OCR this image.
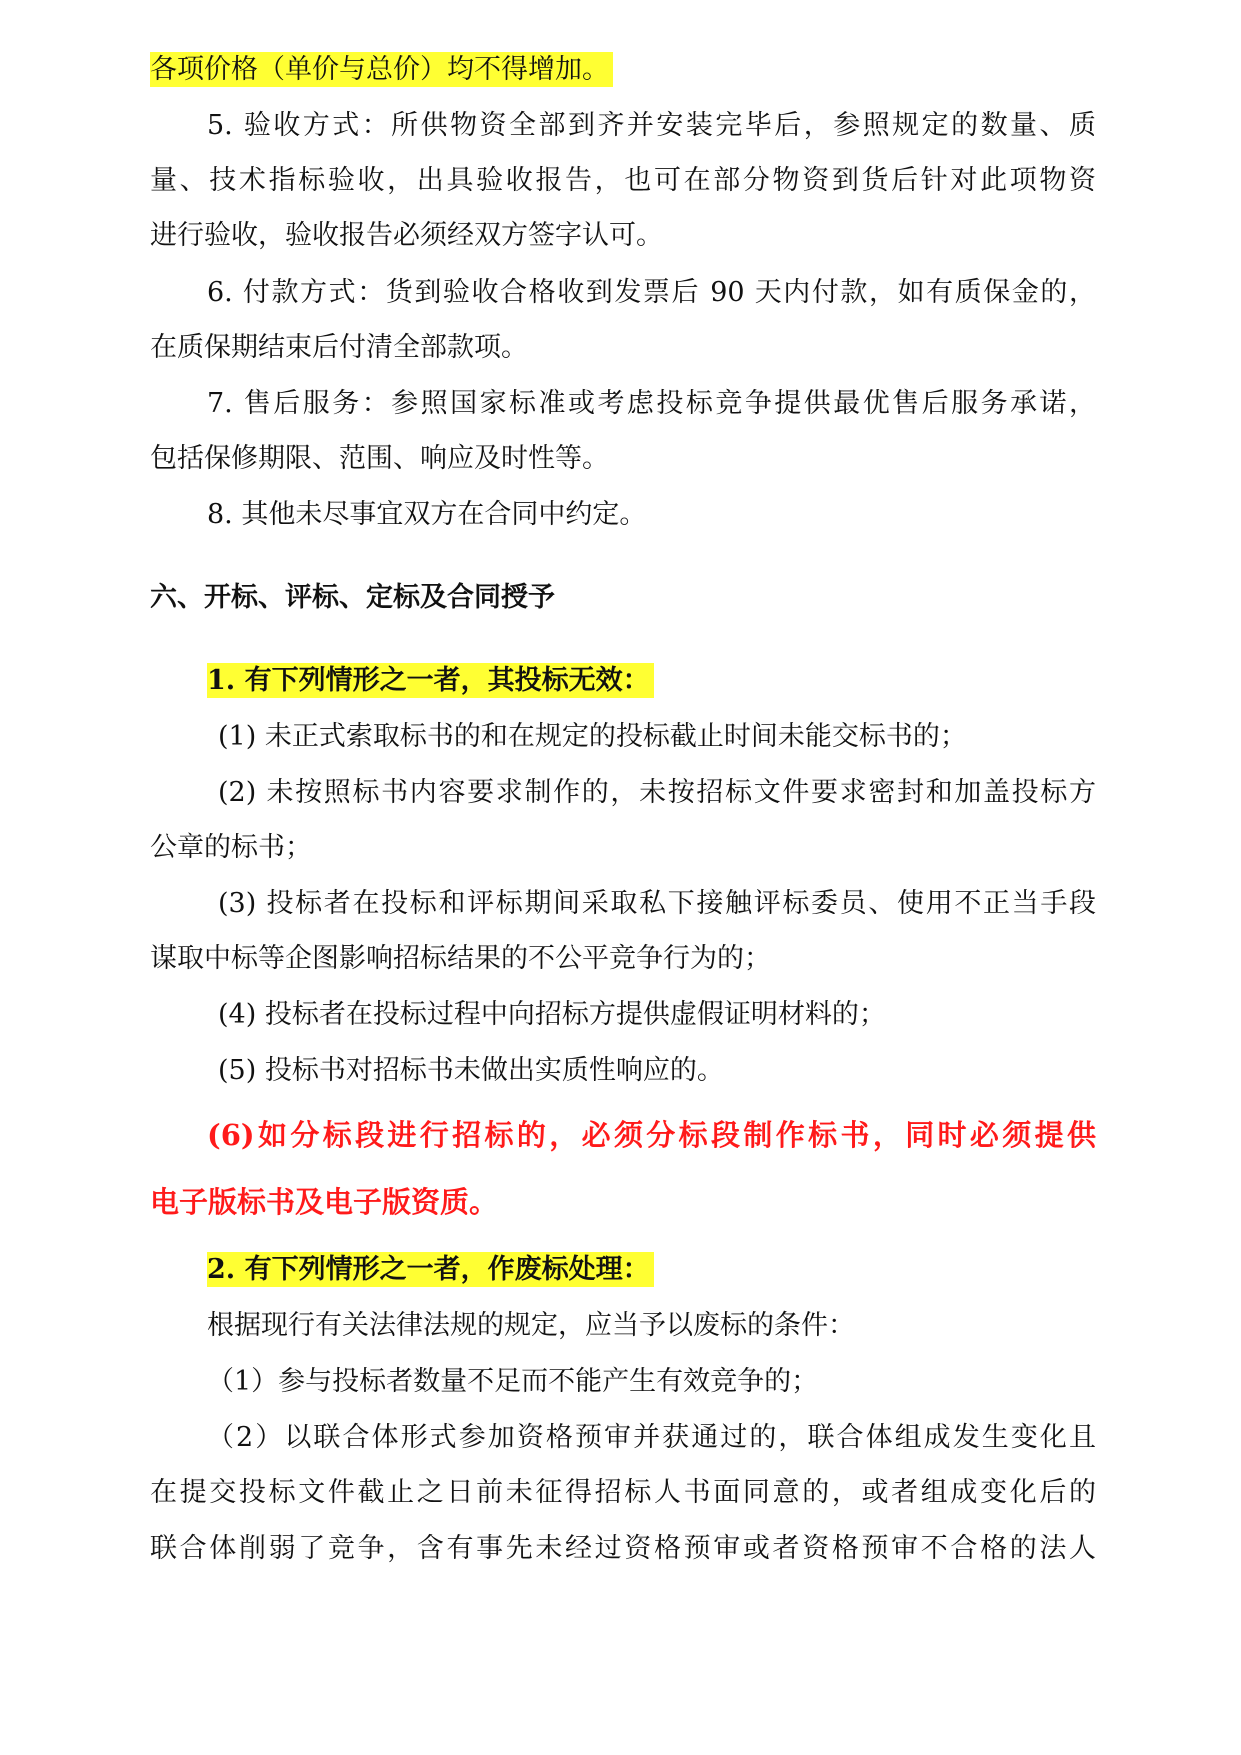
各项价格（单价与总价）均不得增加。
5. 验收方式：所供物资全部到齐并安装完毕后，参照规定的数量、质
量、技术指标验收，出具验收报告，也可在部分物资到货后针对此项物资
进行验收，验收报告必须经双方签字认可。
6. 付款方式：货到验收合格收到发票后 90 天内付款，如有质保金的，
在质保期结束后付清全部款项。
7. 售后服务：参照国家标准或考虑投标竞争提供最优售后服务承诺，
包括保修期限、范围、响应及时性等。
8. 其他未尽事宜双方在合同中约定。
六、开标、评标、定标及合同授予
1. 有下列情形之一者，其投标无效：
(1) 未正式索取标书的和在规定的投标截止时间未能交标书的；
(2) 未按照标书内容要求制作的，未按招标文件要求密封和加盖投标方
公章的标书；
(3) 投标者在投标和评标期间采取私下接触评标委员、使用不正当手段
谋取中标等企图影响招标结果的不公平竞争行为的；
(4) 投标者在投标过程中向招标方提供虚假证明材料的；
(5) 投标书对招标书未做出实质性响应的。
(6)如分标段进行招标的，必须分标段制作标书，同时必须提供
电子版标书及电子版资质。
2. 有下列情形之一者，作废标处理：
根据现行有关法律法规的规定，应当予以废标的条件：
（1）参与投标者数量不足而不能产生有效竞争的；
（2）以联合体形式参加资格预审并获通过的，联合体组成发生变化且
在提交投标文件截止之日前未征得招标人书面同意的，或者组成变化后的
联合体削弱了竞争，含有事先未经过资格预审或者资格预审不合格的法人
